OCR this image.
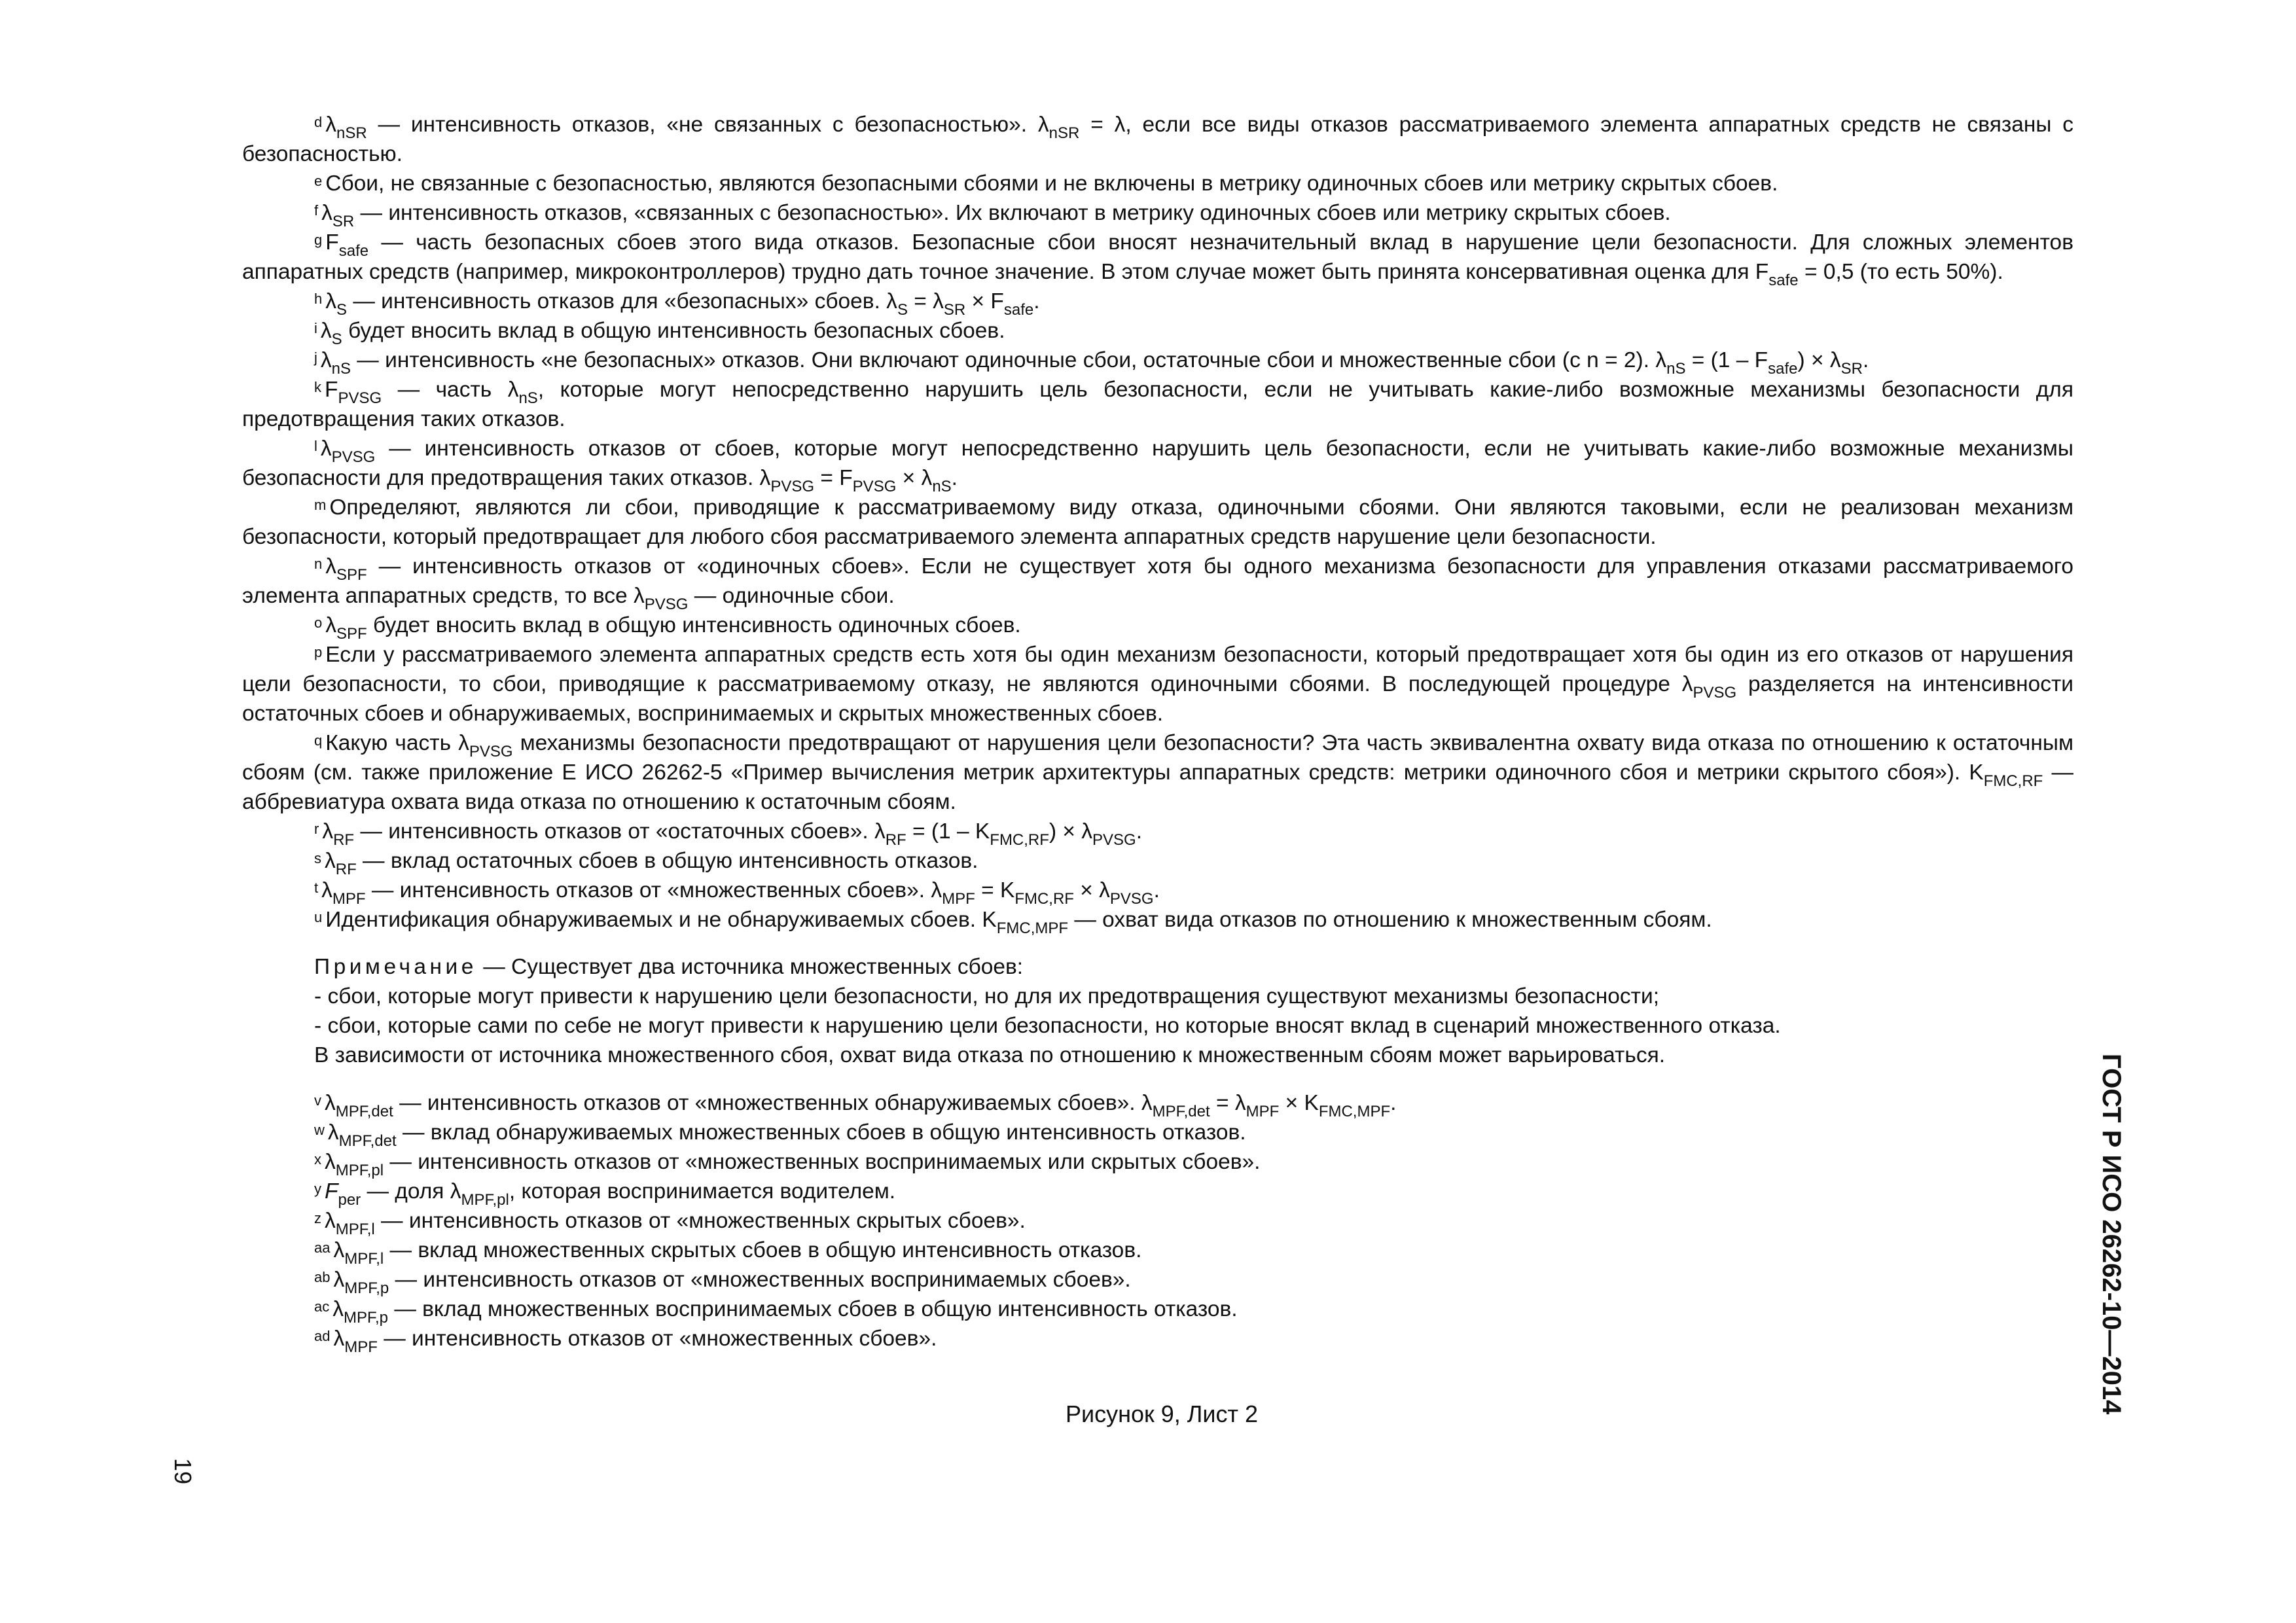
$^d$ $\lambda_{nSR}$ — интенсивность отказов, «не связанных с безопасностью». $\lambda_{nSR} = \lambda$, если все виды отказов рассматриваемого элемента аппаратных средств не связаны с безопасностью.

$^e$ Сбои, не связанные с безопасностью, являются безопасными сбоями и не включены в метрику одиночных сбоев или метрику скрытых сбоев.

$^f$ $\lambda_{SR}$ — интенсивность отказов, «связанных с безопасностью». Их включают в метрику одиночных сбоев или метрику скрытых сбоев.

$^g$ $F_{safe}$ — часть безопасных сбоев этого вида отказов. Безопасные сбои вносят незначительный вклад в нарушение цели безопасности. Для сложных элементов аппаратных средств (например, микроконтроллеров) трудно дать точное значение. В этом случае может быть принята консервативная оценка для $F_{safe} = 0,5$ (то есть 50%).

$^h$ $\lambda_S$ — интенсивность отказов для «безопасных» сбоев. $\lambda_S = \lambda_{SR} \times F_{safe}$.

$^i$ $\lambda_S$ будет вносить вклад в общую интенсивность безопасных сбоев.

$^j$ $\lambda_{nS}$ — интенсивность «не безопасных» отказов. Они включают одиночные сбои, остаточные сбои и множественные сбои (с n = 2). $\lambda_{nS} = (1 - F_{safe}) \times \lambda_{SR}$.

$^k$ $F_{PVSG}$ — часть $\lambda_{nS}$, которые могут непосредственно нарушить цель безопасности, если не учитывать какие-либо возможные механизмы безопасности для предотвращения таких отказов.

$^l$ $\lambda_{PVSG}$ — интенсивность отказов от сбоев, которые могут непосредственно нарушить цель безопасности, если не учитывать какие-либо возможные механизмы безопасности для предотвращения таких отказов. $\lambda_{PVSG} = F_{PVSG} \times \lambda_{nS}$.

$^m$ Определяют, являются ли сбои, приводящие к рассматриваемому виду отказа, одиночными сбоями. Они являются таковыми, если не реализован механизм безопасности, который предотвращает для любого сбоя рассматриваемого элемента аппаратных средств нарушение цели безопасности.

$^n$ $\lambda_{SPF}$ — интенсивность отказов от «одиночных сбоев». Если не существует хотя бы одного механизма безопасности для управления отказами рассматриваемого элемента аппаратных средств, то все $\lambda_{PVSG}$ — одиночные сбои.

$^o$ $\lambda_{SPF}$ будет вносить вклад в общую интенсивность одиночных сбоев.

$^p$ Если у рассматриваемого элемента аппаратных средств есть хотя бы один механизм безопасности, который предотвращает хотя бы один из его отказов от нарушения цели безопасности, то сбои, приводящие к рассматриваемому отказу, не являются одиночными сбоями. В последующей процедуре $\lambda_{PVSG}$ разделяется на интенсивности остаточных сбоев и обнаруживаемых, воспринимаемых и скрытых множественных сбоев.

$^q$ Какую часть $\lambda_{PVSG}$ механизмы безопасности предотвращают от нарушения цели безопасности? Эта часть эквивалентна охвату вида отказа по отношению к остаточным сбоям (см. также приложение Е ИСО 26262-5 «Пример вычисления метрик архитектуры аппаратных средств: метрики одиночного сбоя и метрики скрытого сбоя»). $K_{FMC,RF}$ — аббревиатура охвата вида отказа по отношению к остаточным сбоям.

$^r$ $\lambda_{RF}$ — интенсивность отказов от «остаточных сбоев». $\lambda_{RF} = (1 - K_{FMC,RF}) \times \lambda_{PVSG}$.

$^s$ $\lambda_{RF}$ — вклад остаточных сбоев в общую интенсивность отказов.

$^t$ $\lambda_{MPF}$ — интенсивность отказов от «множественных сбоев». $\lambda_{MPF} = K_{FMC,RF} \times \lambda_{PVSG}$.

$^u$ Идентификация обнаруживаемых и не обнаруживаемых сбоев. $K_{FMC,MPF}$ — охват вида отказов по отношению к множественным сбоям.

Примечание — Существует два источника множественных сбоев:

- сбои, которые могут привести к нарушению цели безопасности, но для их предотвращения существуют механизмы безопасности;

- сбои, которые сами по себе не могут привести к нарушению цели безопасности, но которые вносят вклад в сценарий множественного отказа.

В зависимости от источника множественного сбоя, охват вида отказа по отношению к множественным сбоям может варьироваться.

$^v$ $\lambda_{MPF,det}$ — интенсивность отказов от «множественных обнаруживаемых сбоев». $\lambda_{MPF,det} = \lambda_{MPF} \times K_{FMC,MPF}$.

$^w$ $\lambda_{MPF,det}$ — вклад обнаруживаемых множественных сбоев в общую интенсивность отказов.

$^x$ $\lambda_{MPF,pl}$ — интенсивность отказов от «множественных воспринимаемых или скрытых сбоев».

$^y$ $F_{per}$ — доля $\lambda_{MPF,pl}$, которая воспринимается водителем.

$^z$ $\lambda_{MPF,l}$ — интенсивность отказов от «множественных скрытых сбоев».

$^{aa}$ $\lambda_{MPF,l}$ — вклад множественных скрытых сбоев в общую интенсивность отказов.

$^{ab}$ $\lambda_{MPF,p}$ — интенсивность отказов от «множественных воспринимаемых сбоев».

$^{ac}$ $\lambda_{MPF,p}$ — вклад множественных воспринимаемых сбоев в общую интенсивность отказов.

$^{ad}$ $\lambda_{MPF}$ — интенсивность отказов от «множественных сбоев».

Рисунок 9, Лист 2	ГОСТ Р ИСО 26262-10—2014
19
